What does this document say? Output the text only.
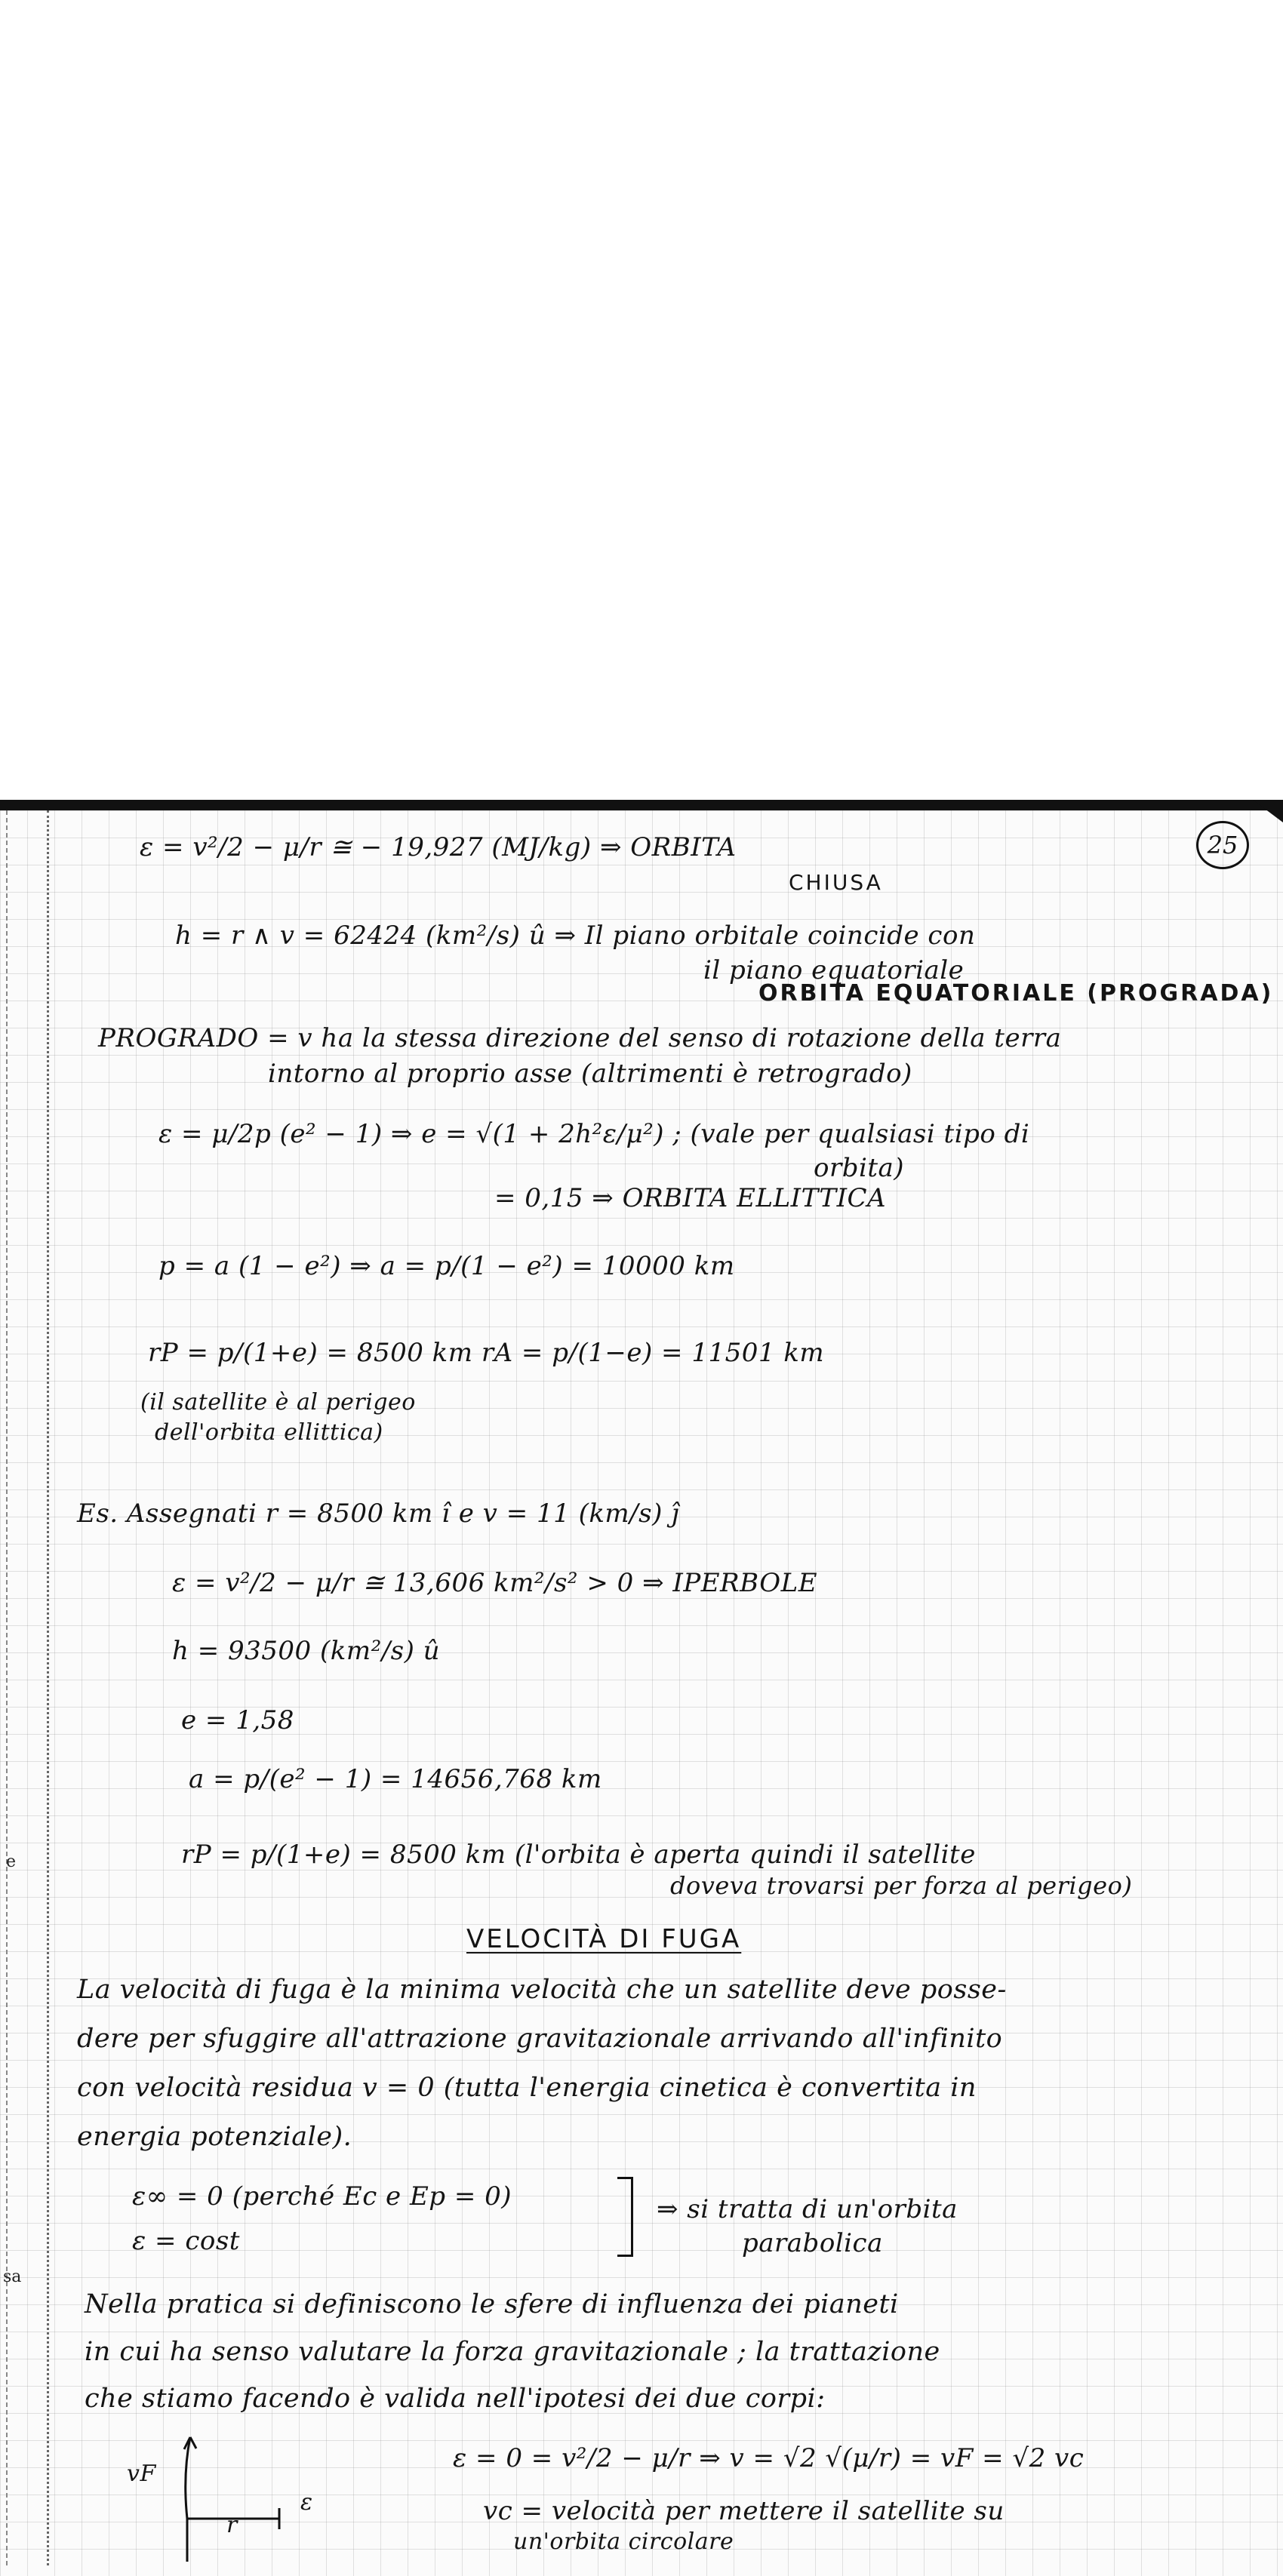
25
ε = v²/2 − μ/r ≅ − 19,927 (MJ/kg) ⇒ ORBITA
CHIUSA
h = r ∧ v = 62424 (km²/s) û ⇒ Il piano orbitale coincide con
il piano equatoriale
ORBITA EQUATORIALE (PROGRADA)
PROGRADO = v ha la stessa direzione del senso di rotazione della terra
intorno al proprio asse (altrimenti è retrogrado)
ε = μ/2p (e² − 1) ⇒ e = √(1 + 2h²ε/μ²) ; (vale per qualsiasi tipo di
orbita)
= 0,15 ⇒ ORBITA ELLITTICA
p = a (1 − e²) ⇒ a = p/(1 − e²) = 10000 km
rP = p/(1+e) = 8500 km rA = p/(1−e) = 11501 km
(il satellite è al perigeo
dell'orbita ellittica)
Es. Assegnati r = 8500 km î e v = 11 (km/s) ĵ
ε = v²/2 − μ/r ≅ 13,606 km²/s² > 0 ⇒ IPERBOLE
h = 93500 (km²/s) û
e = 1,58
a = p/(e² − 1) = 14656,768 km
rP = p/(1+e) = 8500 km (l'orbita è aperta quindi il satellite
doveva trovarsi per forza al perigeo)
VELOCITÀ DI FUGA
La velocità di fuga è la minima velocità che un satellite deve posse-
dere per sfuggire all'attrazione gravitazionale arrivando all'infinito
con velocità residua v = 0 (tutta l'energia cinetica è convertita in
energia potenziale).
ε∞ = 0 (perché Ec e Ep = 0)
ε = cost
⇒ si tratta di un'orbita
parabolica
Nella pratica si definiscono le sfere di influenza dei pianeti
in cui ha senso valutare la forza gravitazionale ; la trattazione
che stiamo facendo è valida nell'ipotesi dei due corpi:
ε = 0 = v²/2 − μ/r ⇒ v = √2 √(μ/r) = vF = √2 vc
vc = velocità per mettere il satellite su
un'orbita circolare
vF
r
ε
e
sa
